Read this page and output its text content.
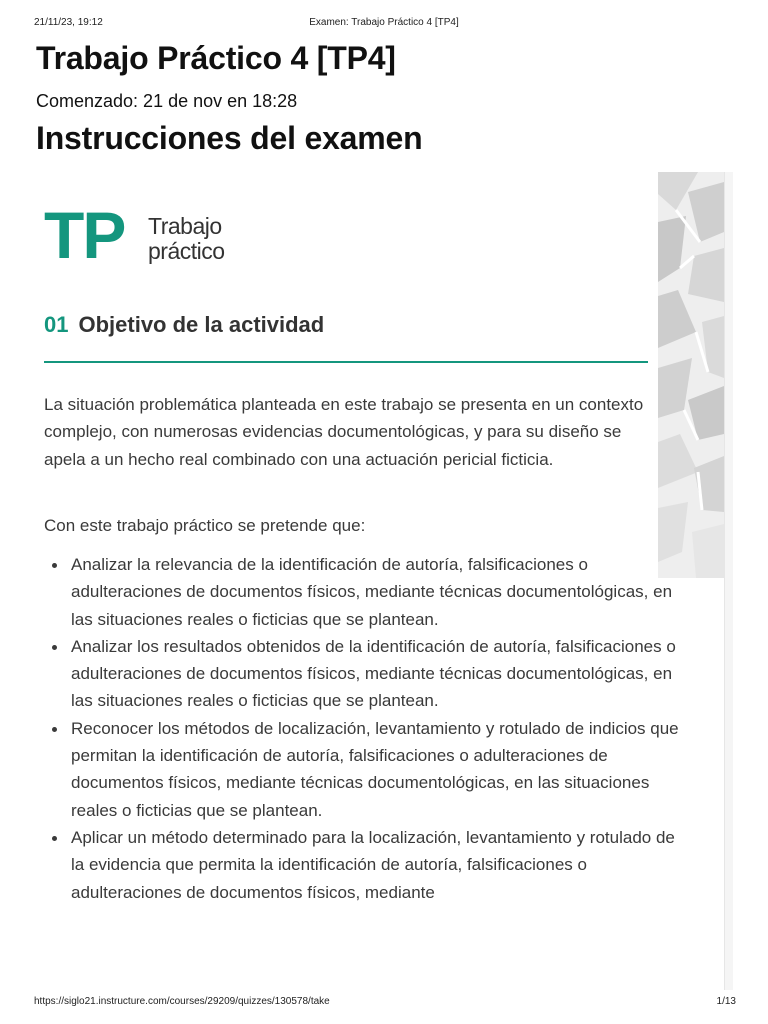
21/11/23, 19:12	Examen: Trabajo Práctico 4 [TP4]
Trabajo Práctico 4 [TP4]
Comenzado: 21 de nov en 18:28
Instrucciones del examen
TP Trabajo
práctico
01 Objetivo de la actividad

La situación problemática planteada en este trabajo se presenta en un contexto complejo, con numerosas evidencias documentológicas, y para su diseño se apela a un hecho real combinado con una actuación pericial ficticia.

Con este trabajo práctico se pretende que:

Analizar la relevancia de la identificación de autoría, falsificaciones o adulteraciones de documentos físicos, mediante técnicas documentológicas, en las situaciones reales o ficticias que se plantean.
Analizar los resultados obtenidos de la identificación de autoría, falsificaciones o adulteraciones de documentos físicos, mediante técnicas documentológicas, en las situaciones reales o ficticias que se plantean.
Reconocer los métodos de localización, levantamiento y rotulado de indicios que permitan la identificación de autoría, falsificaciones o adulteraciones de documentos físicos, mediante técnicas documentológicas, en las situaciones reales o ficticias que se plantean.
Aplicar un método determinado para la localización, levantamiento y rotulado de la evidencia que permita la identificación de autoría, falsificaciones o adulteraciones de documentos físicos, mediante
https://siglo21.instructure.com/courses/29209/quizzes/130578/take	1/13
